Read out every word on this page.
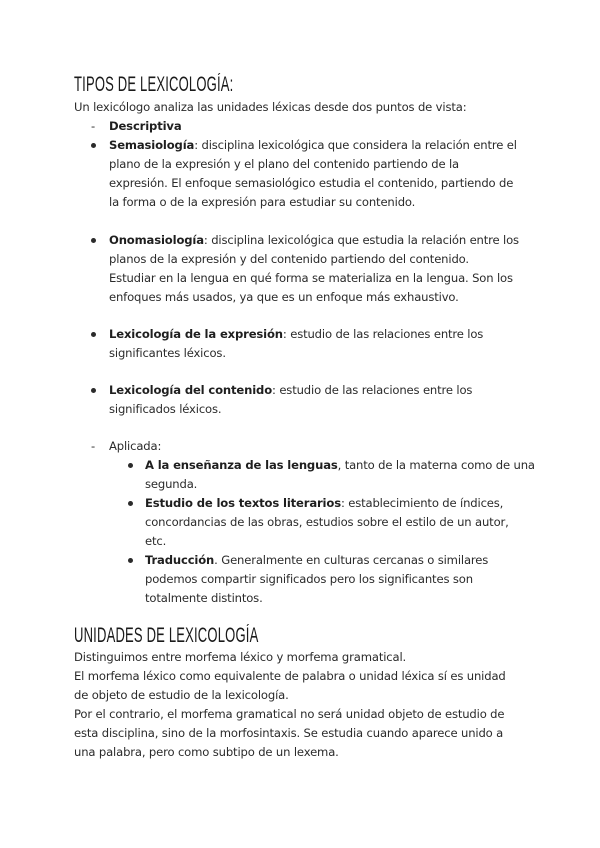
TIPOS DE LEXICOLOGÍA:
Un lexicólogo analiza las unidades léxicas desde dos puntos de vista:
- Descriptiva
Semasiología: disciplina lexicológica que considera la relación entre el
plano de la expresión y el plano del contenido partiendo de la
expresión. El enfoque semasiológico estudia el contenido, partiendo de
la forma o de la expresión para estudiar su contenido.
Onomasiología: disciplina lexicológica que estudia la relación entre los
planos de la expresión y del contenido partiendo del contenido.
Estudiar en la lengua en qué forma se materializa en la lengua. Son los
enfoques más usados, ya que es un enfoque más exhaustivo.
Lexicología de la expresión: estudio de las relaciones entre los
significantes léxicos.
Lexicología del contenido: estudio de las relaciones entre los
significados léxicos.
- Aplicada:
A la enseñanza de las lenguas, tanto de la materna como de una
segunda.
Estudio de los textos literarios: establecimiento de índices,
concordancias de las obras, estudios sobre el estilo de un autor,
etc.
Traducción. Generalmente en culturas cercanas o similares
podemos compartir significados pero los significantes son
totalmente distintos.
UNIDADES DE LEXICOLOGÍA
Distinguimos entre morfema léxico y morfema gramatical.
El morfema léxico como equivalente de palabra o unidad léxica sí es unidad
de objeto de estudio de la lexicología.
Por el contrario, el morfema gramatical no será unidad objeto de estudio de
esta disciplina, sino de la morfosintaxis. Se estudia cuando aparece unido a
una palabra, pero como subtipo de un lexema.
